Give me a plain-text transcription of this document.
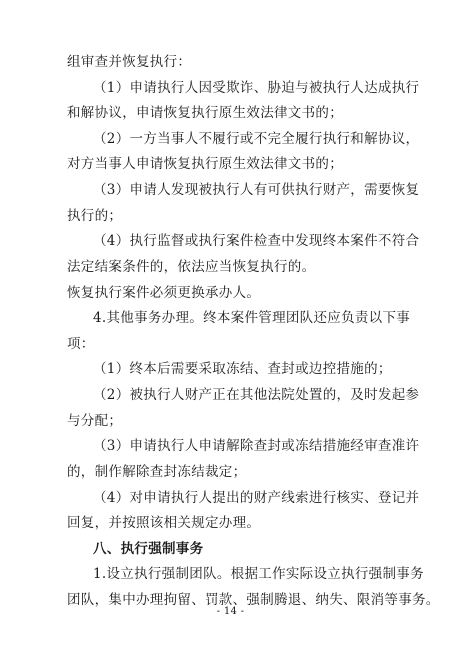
组审查并恢复执行：
（1）申请执行人因受欺诈、胁迫与被执行人达成执行
和解协议，申请恢复执行原生效法律文书的；
（2）一方当事人不履行或不完全履行执行和解协议，
对方当事人申请恢复执行原生效法律文书的；
（3）申请人发现被执行人有可供执行财产，需要恢复
执行的；
（4）执行监督或执行案件检查中发现终本案件不符合
法定结案条件的，依法应当恢复执行的。
恢复执行案件必须更换承办人。
4.其他事务办理。终本案件管理团队还应负责以下事
项：
（1）终本后需要采取冻结、查封或边控措施的；
（2）被执行人财产正在其他法院处置的，及时发起参
与分配；
（3）申请执行人申请解除查封或冻结措施经审查准许
的，制作解除查封冻结裁定；
（4）对申请执行人提出的财产线索进行核实、登记并
回复，并按照该相关规定办理。
八、执行强制事务
1.设立执行强制团队。根据工作实际设立执行强制事务
团队，集中办理拘留、罚款、强制腾退、纳失、限消等事务。
- 14 -
